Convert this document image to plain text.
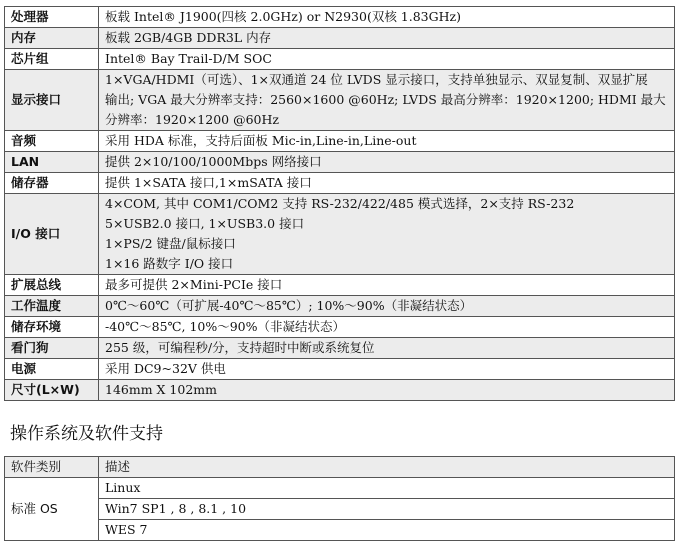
处理器	板载 Intel® J1900(四核 2.0GHz) or N2930(双核 1.83GHz)

内存	板载 2GB/4GB DDR3L 内存

芯片组	Intel® Bay Trail-D/M SOC

显示接口	1×VGA/HDMI（可选）、1×双通道 24 位 LVDS 显示接口，支持单独显示、双显复制、双显扩展
输出; VGA 最大分辨率支持：2560×1600 @60Hz; LVDS 最高分辨率：1920×1200; HDMI 最大
分辨率：1920×1200 @60Hz

音频	采用 HDA 标准，支持后面板 Mic-in,Line-in,Line-out

LAN	提供 2×10/100/1000Mbps 网络接口

储存器	提供 1×SATA 接口,1×mSATA 接口

I/O 接口	4×COM, 其中 COM1/COM2 支持 RS-232/422/485 模式选择，2×支持 RS-232
5×USB2.0 接口, 1×USB3.0 接口
1×PS/2 键盘/鼠标接口
1×16 路数字 I/O 接口

扩展总线	最多可提供 2×Mini-PCIe 接口

工作温度	0℃～60℃（可扩展-40℃～85℃）; 10%～90%（非凝结状态）

储存环境	-40℃～85℃, 10%～90%（非凝结状态）

看门狗	255 级，可编程秒/分，支持超时中断或系统复位

电源	采用 DC9~32V 供电

尺寸(L×W)	146mm X 102mm
操作系统及软件支持
软件类别	描述
标准 OS	Linux
	Win7 SP1 , 8 , 8.1 , 10
	WES 7
